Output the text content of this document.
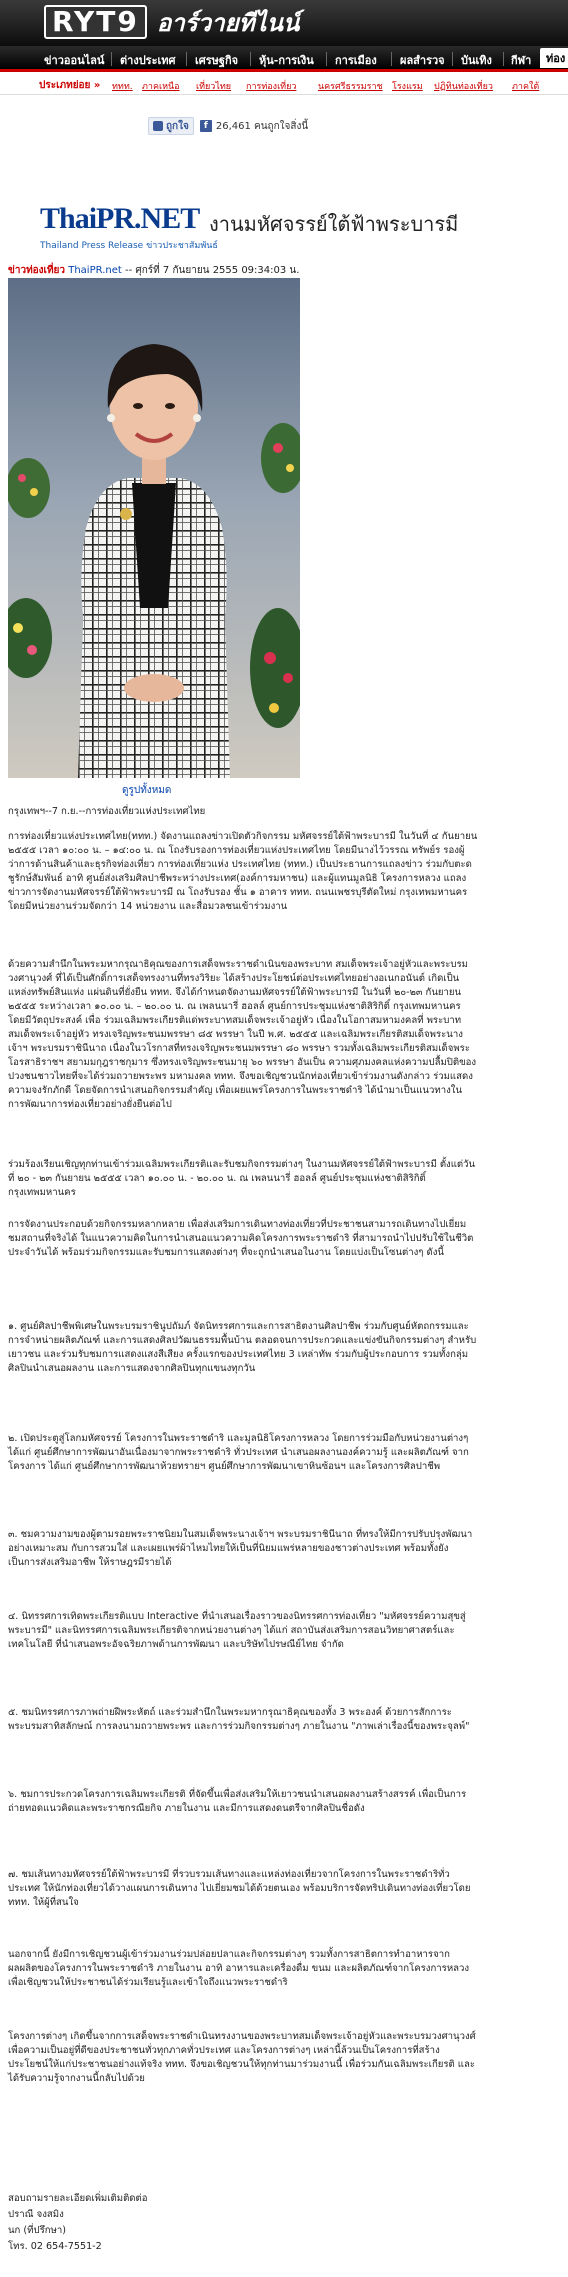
RYT9 อาร์วายทีไนน์
ข่าวออนไลน์ ต่างประเทศ เศรษฐกิจ หุ้น-การเงิน การเมือง ผลสำรวจ บันเทิง กีฬา	ท่อง
ประเภทย่อย » ททท. ภาคเหนือ เที่ยวไทย การท่องเที่ยว นครศรีธรรมราช โรงแรม ปฏิทินท่องเที่ยว ภาคใต้
ถูกใจ	f 26,461 คนถูกใจสิ่งนี้
ThaiPR.NET งานมหัศจรรย์ใต้ฟ้าพระบารมี
Thailand Press Release ข่าวประชาสัมพันธ์
ข่าวท่องเที่ยว ThaiPR.net -- ศุกร์ที่ 7 กันยายน 2555 09:34:03 น.
ดูรูปทั้งหมด
กรุงเทพฯ--7 ก.ย.--การท่องเที่ยวแห่งประเทศไทย
การท่องเที่ยวแห่งประเทศไทย(ททท.) จัดงานแถลงข่าวเปิดตัวกิจกรรม มหัศจรรย์ใต้ฟ้าพระบารมี ในวันที่ ๔ กันยายน ๒๕๕๕ เวลา ๑๐:๐๐ น. – ๑๔:๐๐ น. ณ โถงรับรองการท่องเที่ยวแห่งประเทศไทย โดยมีนางไว้วรรณ ทรัพย์ร รองผู้ว่าการด้านสินค้าและธุรกิจท่องเที่ยว การท่องเที่ยวแห่ง ประเทศไทย (ททท.) เป็นประธานการแถลงข่าว ร่วมกับตะดชูรักษ์สัมพันธ์ อาทิ ศูนย์ส่งเสริมศิลปาชีพระหว่างประเทศ(องค์การมหาชน) และผู้แทนมูลนิธิ โครงการหลวง แถลงข่าวการจัดงานมหัศจรรย์ใต้ฟ้าพระบารมี ณ โถงรับรอง ชั้น ๑ อาคาร ททท. ถนนเพชรบุรีตัดใหม่ กรุงเทพมหานคร โดยมีหน่วยงานร่วมจัดกว่า 14 หน่วยงาน และสื่อมวลชนเข้าร่วมงาน
ด้วยความสำนึกในพระมหากรุณาธิคุณของการเสด็จพระราชดำเนินของพระบาท สมเด็จพระเจ้าอยู่หัวและพระบรมวงศานุวงศ์ ที่ได้เป็นศักดิ์การเสด็จทรงงานที่ทรงวิริยะ ได้สร้างประโยชน์ต่อประเทศไทยอย่างอเนกอนันต์ เกิดเป็นแหล่งทรัพย์สินแห่ง แผ่นดินที่ยั่งยืน ททท. จึงได้กำหนดจัดงานมหัศจรรย์ใต้ฟ้าพระบารมี ในวันที่ ๒๐-๒๓ กันยายน ๒๕๕๕ ระหว่างเวลา ๑๐.๐๐ น. – ๒๐.๐๐ น. ณ เพลนนารี่ ฮอลล์ ศูนย์การประชุมแห่งชาติสิริกิติ์ กรุงเทพมหานคร โดยมีวัตถุประสงค์ เพื่อ ร่วมเฉลิมพระเกียรติแด่พระบาทสมเด็จพระเจ้าอยู่หัว เนื่องในโอกาสมหามงคลที่ พระบาทสมเด็จพระเจ้าอยู่หัว ทรงเจริญพระชนมพรรษา ๘๕ พรรษา ในปี พ.ศ. ๒๕๕๕ และเฉลิมพระเกียรติสมเด็จพระนางเจ้าฯ พระบรมราชินีนาถ เนื่องในวโรกาสที่ทรงเจริญพระชนมพรรษา ๘๐ พรรษา รวมทั้งเฉลิมพระเกียรติสมเด็จพระ โอรสาธิราชฯ สยามมกุฎราชกุมาร ซึ่งทรงเจริญพระชนมายุ ๖๐ พรรษา อันเป็น ความศุภมงคลแห่งความปลื้มปิติของปวงชนชาวไทยที่จะได้ร่วมถวายพระพร มหามงคล ททท. จึงขอเชิญชวนนักท่องเที่ยวเข้าร่วมงานดังกล่าว ร่วมแสดงความจงรักภักดี โดยจัดการนำเสนอกิจกรรมสำคัญ เพื่อเผยแพร่โครงการในพระราชดำริ ได้นำมาเป็นแนวทางในการพัฒนาการท่องเที่ยวอย่างยั่งยืนต่อไป
ร่วมร้องเรียนเชิญทุกท่านเข้าร่วมเฉลิมพระเกียรติและรับชมกิจกรรมต่างๆ ในงานมหัศจรรย์ใต้ฟ้าพระบารมี ตั้งแต่วันที่ ๒๐ - ๒๓ กันยายน ๒๕๕๕ เวลา ๑๐.๐๐ น. - ๒๐.๐๐ น. ณ เพลนนารี่ ฮอลล์ ศูนย์ประชุมแห่งชาติสิริกิติ์ กรุงเทพมหานคร
การจัดงานประกอบด้วยกิจกรรมหลากหลาย เพื่อส่งเสริมการเดินทางท่องเที่ยวที่ประชาชนสามารถเดินทางไปเยี่ยมชมสถานที่จริงได้ ในแนวความคิดในการนำเสนอแนวความคิดโครงการพระราชดำริ ที่สามารถนำไปปรับใช้ในชีวิตประจำวันได้ พร้อมร่วมกิจกรรมและรับชมการแสดงต่างๆ ที่จะถูกนำเสนอในงาน โดยแบ่งเป็นโซนต่างๆ ดังนี้
๑. ศูนย์ศิลปาชีพพิเศษในพระบรมราชินูปถัมภ์ จัดนิทรรศการและการสาธิตงานศิลปาชีพ ร่วมกับศูนย์หัตถกรรมและการจำหน่ายผลิตภัณฑ์ และการแสดงศิลปวัฒนธรรมพื้นบ้าน ตลอดจนการประกวดและแข่งขันกิจกรรมต่างๆ สำหรับเยาวชน และร่วมรับชมการแสดงแสงสีเสียง ครั้งแรกของประเทศไทย 3 เหล่าทัพ ร่วมกับผู้ประกอบการ รวมทั้งกลุ่มศิลปินนำเสนอผลงาน และการแสดงจากศิลปินทุกแขนงทุกวัน
๒. เปิดประตูสู่โลกมหัศจรรย์ โครงการในพระราชดำริ และมูลนิธิโครงการหลวง โดยการร่วมมือกับหน่วยงานต่างๆ ได้แก่ ศูนย์ศึกษาการพัฒนาอันเนื่องมาจากพระราชดำริ ทั่วประเทศ นำเสนอผลงานองค์ความรู้ และผลิตภัณฑ์ จากโครงการ ได้แก่ ศูนย์ศึกษาการพัฒนาห้วยทรายฯ ศูนย์ศึกษาการพัฒนาเขาหินซ้อนฯ และโครงการศิลปาชีพ
๓. ชมความงามของผู้ตามรอยพระราชนิยมในสมเด็จพระนางเจ้าฯ พระบรมราชินีนาถ ที่ทรงให้มีการปรับปรุงพัฒนาอย่างเหมาะสม กับการสวมใส่ และเผยแพร่ผ้าไหมไทยให้เป็นที่นิยมแพร่หลายของชาวต่างประเทศ พร้อมทั้งยังเป็นการส่งเสริมอาชีพ ให้ราษฎรมีรายได้
๔. นิทรรศการเทิดพระเกียรติแบบ Interactive ที่นำเสนอเรื่องราวของนิทรรศการท่องเที่ยว "มหัศจรรย์ความสุขสู่พระบารมี" และนิทรรศการเฉลิมพระเกียรติจากหน่วยงานต่างๆ ได้แก่ สถาบันส่งเสริมการสอนวิทยาศาสตร์และเทคโนโลยี ที่นำเสนอพระอัจฉริยภาพด้านการพัฒนา และบริษัทไปรษณีย์ไทย จำกัด
๕. ชมนิทรรศการภาพถ่ายฝีพระหัตถ์ และร่วมสำนึกในพระมหากรุณาธิคุณของทั้ง 3 พระองค์ ด้วยการสักการะพระบรมสาทิสลักษณ์ การลงนามถวายพระพร และการร่วมกิจกรรมต่างๆ ภายในงาน "ภาพเล่าเรื่องนี้ของพระจุลพ์"
๖. ชมการประกวดโครงการเฉลิมพระเกียรติ ที่จัดขึ้นเพื่อส่งเสริมให้เยาวชนนำเสนอผลงานสร้างสรรค์ เพื่อเป็นการถ่ายทอดแนวคิดและพระราชกรณียกิจ ภายในงาน และมีการแสดงดนตรีจากศิลปินชื่อดัง
๗. ชมเส้นทางมหัศจรรย์ใต้ฟ้าพระบารมี ที่รวบรวมเส้นทางและแหล่งท่องเที่ยวจากโครงการในพระราชดำริทั่วประเทศ ให้นักท่องเที่ยวได้วางแผนการเดินทาง ไปเยี่ยมชมได้ด้วยตนเอง พร้อมบริการจัดทริปเดินทางท่องเที่ยวโดย ททท. ให้ผู้ที่สนใจ
นอกจากนี้ ยังมีการเชิญชวนผู้เข้าร่วมงานร่วมปล่อยปลาและกิจกรรมต่างๆ รวมทั้งการสาธิตการทำอาหารจากผลผลิตของโครงการในพระราชดำริ ภายในงาน อาทิ อาหารและเครื่องดื่ม ขนม และผลิตภัณฑ์จากโครงการหลวง เพื่อเชิญชวนให้ประชาชนได้ร่วมเรียนรู้และเข้าใจถึงแนวพระราชดำริ
โครงการต่างๆ เกิดขึ้นจากการเสด็จพระราชดำเนินทรงงานของพระบาทสมเด็จพระเจ้าอยู่หัวและพระบรมวงศานุวงศ์ เพื่อความเป็นอยู่ที่ดีของประชาชนทั่วทุกภาคทั่วประเทศ และโครงการต่างๆ เหล่านี้ล้วนเป็นโครงการที่สร้างประโยชน์ให้แก่ประชาชนอย่างแท้จริง ททท. จึงขอเชิญชวนให้ทุกท่านมาร่วมงานนี้ เพื่อร่วมกันเฉลิมพระเกียรติ และได้รับความรู้จากงานนี้กลับไปด้วย
สอบถามรายละเอียดเพิ่มเติมติดต่อ
ปราณี จงสมิง
นก (ที่ปรึกษา)
โทร. 02 654-7551-2
